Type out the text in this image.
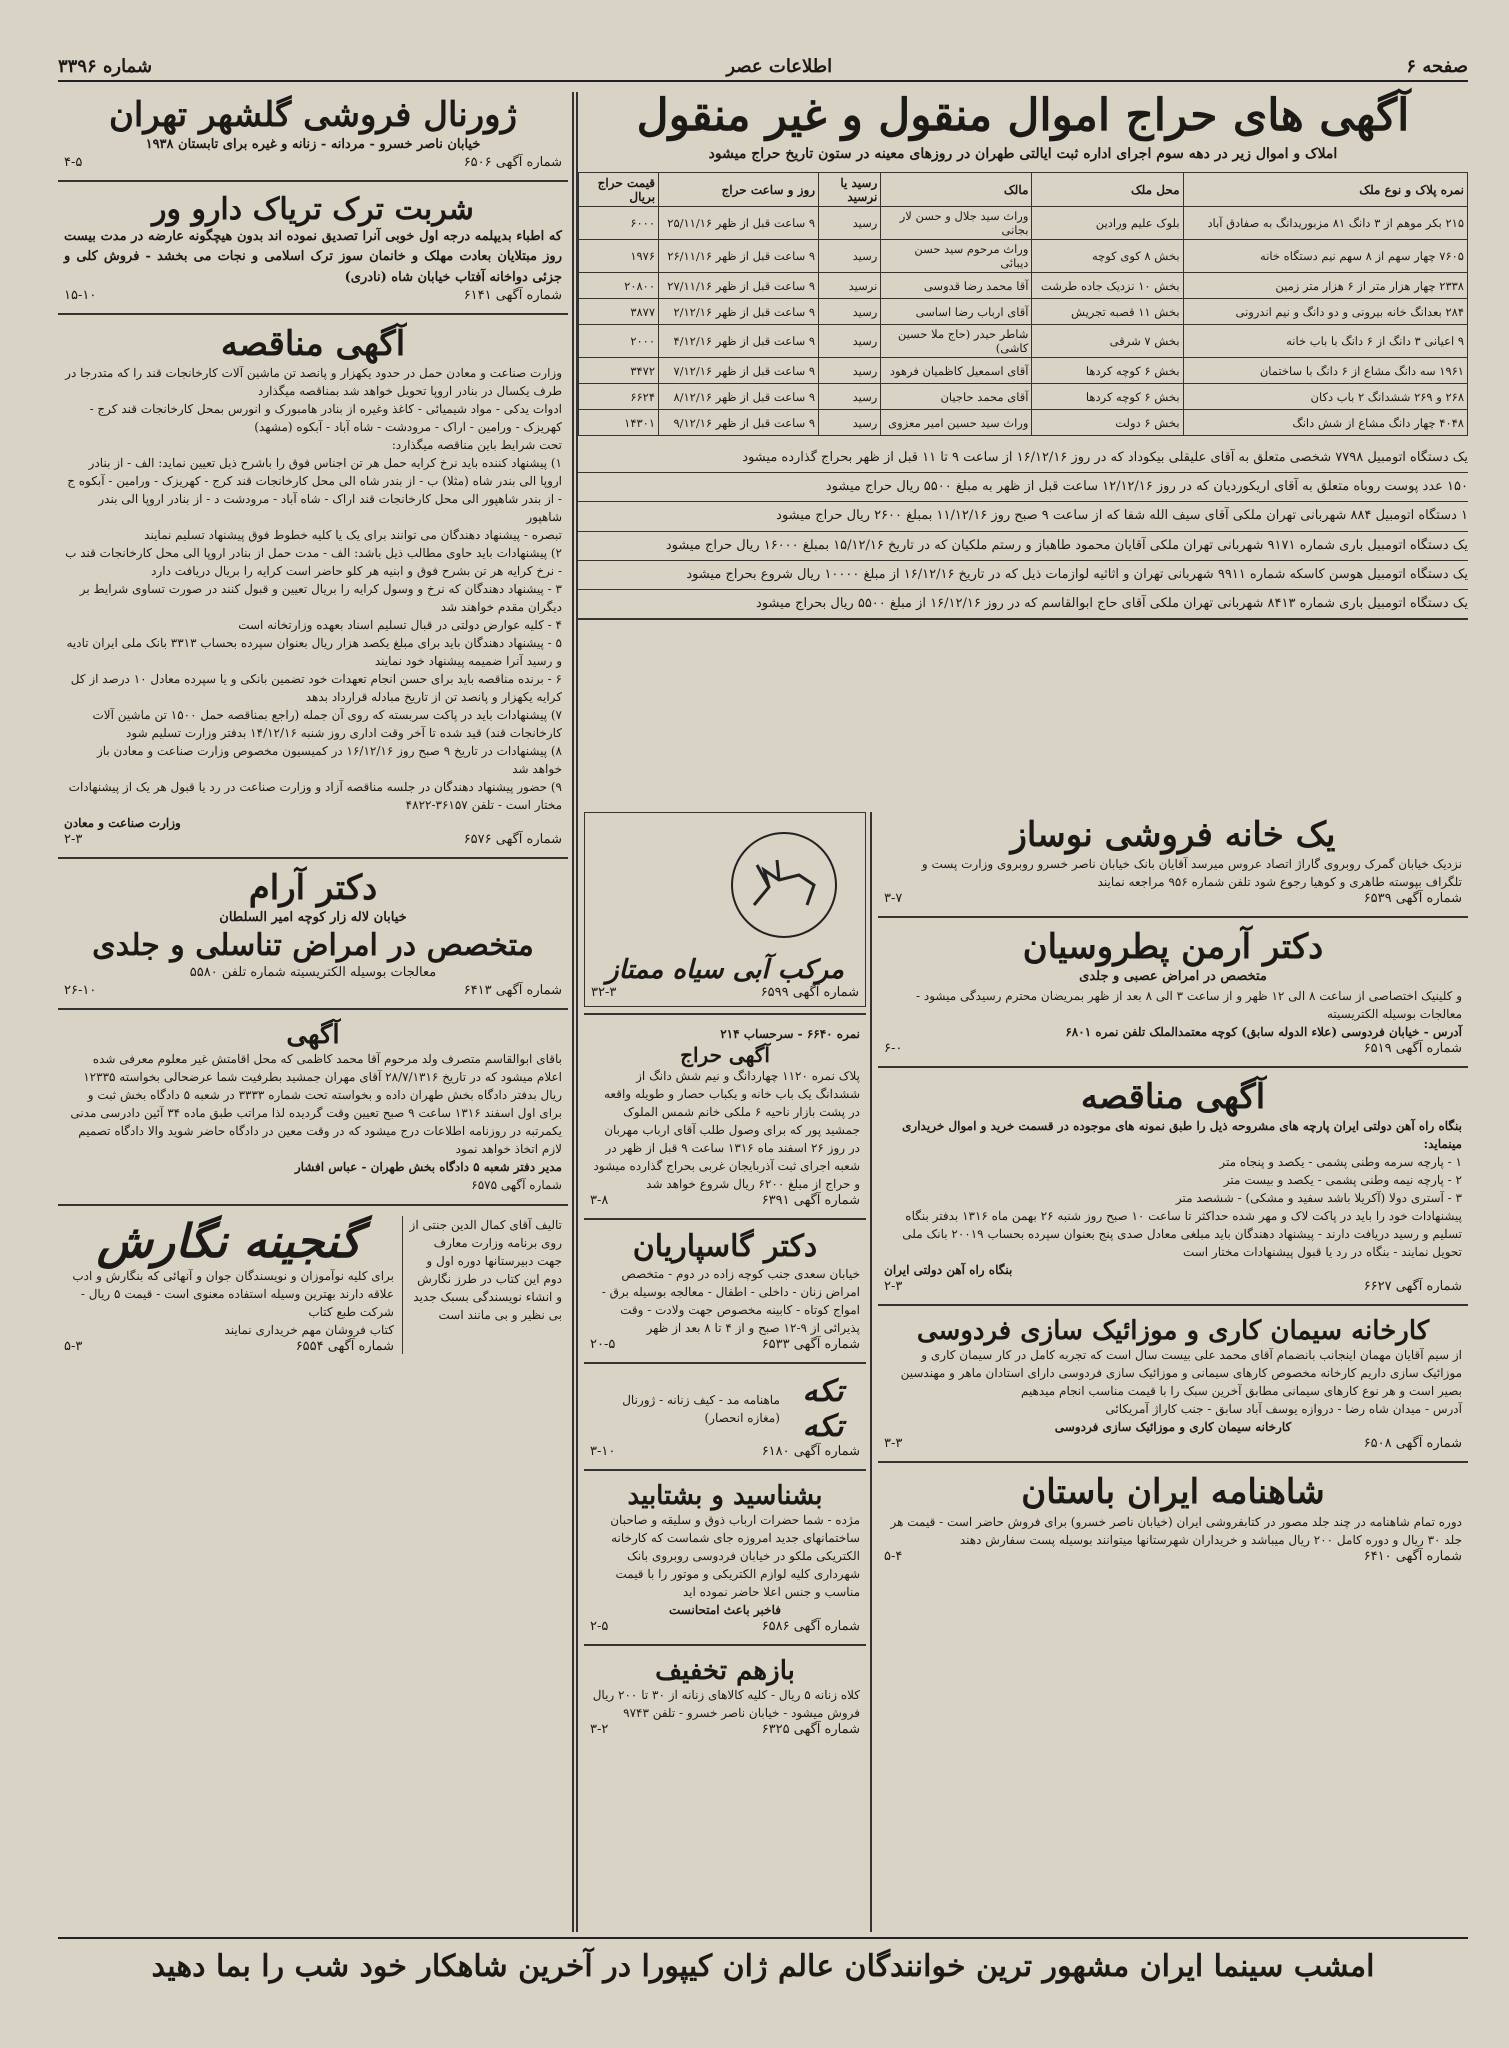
صفحه ۶
اطلاعات عصر
شماره ۳۳۹۶
آگهی های حراج اموال منقول و غیر منقول
املاک و اموال زیر در دهه سوم اجرای اداره ثبت ایالتی طهران در روزهای معینه در ستون تاریخ حراج میشود
نمره پلاک و نوع ملک	محل ملک	مالک	رسید یا نرسید	روز و ساعت حراج	قیمت حراج بریال
۲۱۵ بکر موهم از ۳ دانگ ۸۱ مزبوریدانگ به صفادق آباد	بلوک علیم ورادین	وراث سید جلال و حسن لار بجانی	رسید	۹ ساعت قبل از ظهر ۲۵/۱۱/۱۶	۶۰۰۰
۷۶۰۵ چهار سهم از ۸ سهم نیم دستگاه خانه	بخش ۸ کوی کوچه	وراث مرحوم سید حسن دیبائی	رسید	۹ ساعت قبل از ظهر ۲۶/۱۱/۱۶	۱۹۷۶
۲۳۳۸ چهار هزار متر از ۶ هزار متر زمین	بخش ۱۰ نزدیک جاده طرشت	آقا محمد رضا قدوسی	نرسید	۹ ساعت قبل از ظهر ۲۷/۱۱/۱۶	۲۰۸۰۰
۲۸۴ بعدانگ خانه بیرونی و دو دانگ و نیم اندرونی	بخش ۱۱ قصبه تجریش	آقای ارباب رضا اساسی	رسید	۹ ساعت قبل از ظهر ۲/۱۲/۱۶	۳۸۷۷
۹ اعیانی ۳ دانگ از ۶ دانگ با باب خانه	بخش ۷ شرقی	شاطر حیدر (حاج ملا حسین کاشی)	رسید	۹ ساعت قبل از ظهر ۴/۱۲/۱۶	۲۰۰۰
۱۹۶۱ سه دانگ مشاع از ۶ دانگ با ساختمان	بخش ۶ کوچه کردها	آقای اسمعیل کاظمیان فرهود	رسید	۹ ساعت قبل از ظهر ۷/۱۲/۱۶	۳۴۷۲
۲۶۸ و ۲۶۹ ششدانگ ۲ باب دکان	بخش ۶ کوچه کردها	آقای محمد حاجیان	رسید	۹ ساعت قبل از ظهر ۸/۱۲/۱۶	۶۶۲۴
۴۰۴۸ چهار دانگ مشاع از شش دانگ	بخش ۶ دولت	وراث سید حسین امیر معزوی	رسید	۹ ساعت قبل از ظهر ۹/۱۲/۱۶	۱۴۳۰۱
یک دستگاه اتومبیل ۷۷۹۸ شخصی متعلق به آقای علیقلی بیکوداد که در روز ۱۶/۱۲/۱۶ از ساعت ۹ تا ۱۱ قبل از ظهر بحراج گذارده میشود
۱۵۰ عدد پوست روباه متعلق به آقای اریکوردیان که در روز ۱۲/۱۲/۱۶ ساعت قبل از ظهر به مبلغ ۵۵۰۰ ریال حراج میشود
۱ دستگاه اتومبیل ۸۸۴ شهربانی تهران ملکی آقای سیف الله شفا که از ساعت ۹ صبح روز ۱۱/۱۲/۱۶ بمبلغ ۲۶۰۰ ریال حراج میشود
یک دستگاه اتومبیل باری شماره ۹۱۷۱ شهربانی تهران ملکی آقایان محمود طاهباز و رستم ملکیان که در تاریخ ۱۵/۱۲/۱۶ بمبلغ ۱۶۰۰۰ ریال حراج میشود
یک دستگاه اتومبیل هوسن کاسکه شماره ۹۹۱۱ شهربانی تهران و اثاثیه لوازمات ذیل که در تاریخ ۱۶/۱۲/۱۶ از مبلغ ۱۰۰۰۰ ریال شروع بحراج میشود
یک دستگاه اتومبیل باری شماره ۸۴۱۳ شهربانی تهران ملکی آقای حاج ابوالقاسم که در روز ۱۶/۱۲/۱۶ از مبلغ ۵۵۰۰ ریال بحراج میشود
ژورنال فروشی گلشهر تهران
خیابان ناصر خسرو - مردانه - زنانه و غیره برای تابستان ۱۹۳۸
شماره آگهی ۶۵۰۶
۴-۵
شربت ترک تریاک دارو ور
که اطباء بدیپلمه درجه اول خوبی آنرا تصدیق نموده اند بدون هیچگونه عارضه در مدت بیست روز مبتلایان بعادت مهلک و خانمان سوز ترک اسلامی و نجات می بخشد - فروش کلی و جزئی دواخانه آفتاب خیابان شاه (نادری)
شماره آگهی ۶۱۴۱
۱۵-۱۰
آگهی مناقصه
وزارت صناعت و معادن حمل در حدود یکهزار و پانصد تن ماشین آلات کارخانجات قند را که متدرجا در طرف یکسال در بنادر اروپا تحویل خواهد شد بمناقصه میگذارد
ادوات یدکی - مواد شیمیائی - کاغذ وغیره از بنادر هامبورک و انورس بمحل کارخانجات قند کرج - کهریزک - ورامین - اراک - مرودشت - شاه آباد - آبکوه (مشهد)
تحت شرایط باین مناقصه میگذارد:
۱) پیشنهاد کننده باید نرخ کرایه حمل هر تن اجناس فوق را باشرح ذیل تعیین نماید: الف - از بنادر اروپا الی بندر شاه (مثلا) ب - از بندر شاه الی محل کارخانجات قند کرج - کهریزک - ورامین - آبکوه ج - از بندر شاهپور الی محل کارخانجات قند اراک - شاه آباد - مرودشت د - از بنادر اروپا الی بندر شاهپور
تبصره - پیشنهاد دهندگان می توانند برای یک یا کلیه خطوط فوق پیشنهاد تسلیم نمایند
۲) پیشنهادات باید حاوی مطالب ذیل باشد: الف - مدت حمل از بنادر اروپا الی محل کارخانجات قند ب - نرخ کرایه هر تن بشرح فوق و ابنیه هر کلو حاضر است کرایه را بریال دریافت دارد
۳ - پیشنهاد دهندگان که نرخ و وسول کرایه را بریال تعیین و قبول کنند در صورت تساوی شرایط بر دیگران مقدم خواهند شد
۴ - کلیه عوارض دولتی در قبال تسلیم اسناد بعهده وزارتخانه است
۵ - پیشنهاد دهندگان باید برای مبلغ یکصد هزار ریال بعنوان سپرده بحساب ۳۳۱۳ بانک ملی ایران تادیه و رسید آنرا ضمیمه پیشنهاد خود نمایند
۶ - برنده مناقصه باید برای حسن انجام تعهدات خود تضمین بانکی و یا سپرده معادل ۱۰ درصد از کل کرایه یکهزار و پانصد تن از تاریخ مبادله قرارداد بدهد
۷) پیشنهادات باید در پاکت سربسته که روی آن جمله (راجع بمناقصه حمل ۱۵۰۰ تن ماشین آلات کارخانجات قند) قید شده تا آخر وقت اداری روز شنبه ۱۴/۱۲/۱۶ بدفتر وزارت تسلیم شود
۸) پیشنهادات در تاریخ ۹ صبح روز ۱۶/۱۲/۱۶ در کمیسیون مخصوص وزارت صناعت و معادن باز خواهد شد
۹) حضور پیشنهاد دهندگان در جلسه مناقصه آزاد و وزارت صناعت در رد یا قبول هر یک از پیشنهادات مختار است - تلفن ۳۶۱۵۷-۴۸۲۲
وزارت صناعت و معادن
شماره آگهی ۶۵۷۶
۲-۳
دکتر آرام
خیابان لاله زار کوچه امیر السلطان
متخصص در امراض تناسلی و جلدی
معالجات بوسیله الکتریسیته شماره تلفن ۵۵۸۰
شماره آگهی ۶۴۱۳
۲۶-۱۰
آگهی
باقای ابوالقاسم متصرف ولد مرحوم آقا محمد کاظمی که محل اقامتش غیر معلوم معرفی شده اعلام میشود که در تاریخ ۲۸/۷/۱۳۱۶ آقای مهران جمشید بطرفیت شما عرضحالی بخواسته ۱۲۳۳۵ ریال بدفتر دادگاه بخش طهران داده و بخواسته تحت شماره ۳۳۳۳ در شعبه ۵ دادگاه بخش ثبت و برای اول اسفند ۱۳۱۶ ساعت ۹ صبح تعیین وقت گردیده لذا مراتب طبق ماده ۳۴ آئین دادرسی مدنی یکمرتبه در روزنامه اطلاعات درج میشود که در وقت معین در دادگاه حاضر شوید والا دادگاه تصمیم لازم اتخاذ خواهد نمود
مدیر دفتر شعبه ۵ دادگاه بخش طهران - عباس افشار
شماره آگهی ۶۵۷۵
تالیف آقای کمال الدین جنتی از روی برنامه وزارت معارف جهت دبیرستانها دوره اول و دوم این کتاب در طرز نگارش و انشاء نویسندگی بسبک جدید بی نظیر و بی مانند است
گنجینه نگارش
برای کلیه نوآموزان و نویسندگان جوان و آنهائی که بنگارش و ادب علاقه دارند بهترین وسیله استفاده معنوی است - قیمت ۵ ریال - شرکت طبع کتاب
کتاب فروشان مهم خریداری نمایند
شماره آگهی ۶۵۵۴
۵-۳
مرکب آبی سیاه ممتاز
شماره آگهی ۶۵۹۹
۳۲-۳
نمره ۶۶۴۰ - سرحساب ۲۱۴
آگهی حراج
پلاک نمره ۱۱۲۰ چهاردانگ و نیم شش دانگ از ششدانگ یک باب خانه و یکباب حصار و طویله واقعه در پشت بازار ناحیه ۶ ملکی خانم شمس الملوک جمشید پور که برای وصول طلب آقای ارباب مهربان در روز ۲۶ اسفند ماه ۱۳۱۶ ساعت ۹ قبل از ظهر در شعبه اجرای ثبت آذربایجان غربی بحراج گذارده میشود و حراج از مبلغ ۶۲۰۰ ریال شروع خواهد شد
شماره آگهی ۶۳۹۱
۳-۸
دکتر گاسپاریان
خیابان سعدی جنب کوچه زاده در دوم - متخصص امراض زنان - داخلی - اطفال - معالجه بوسیله برق - امواج کوتاه - کابینه مخصوص جهت ولادت - وقت پذیرائی از ۹-۱۲ صبح و از ۴ تا ۸ بعد از ظهر
شماره آگهی ۶۵۳۳
۲۰-۵
تکه تکه
ماهنامه مد - کیف زنانه - ژورنال (مغازه انحصار)
شماره آگهی ۶۱۸۰
۳-۱۰
بشناسید و بشتابید
مژده - شما حضرات ارباب ذوق و سلیقه و صاحبان ساختمانهای جدید امروزه جای شماست که کارخانه الکتریکی ملکو در خیابان فردوسی روبروی بانک شهرداری کلیه لوازم الکتریکی و موتور را با قیمت مناسب و جنس اعلا حاضر نموده اید
فاخبر باعث امتحانست
شماره آگهی ۶۵۸۶
۲-۵
بازهم تخفیف
کلاه زنانه ۵ ریال - کلیه کالاهای زنانه از ۳۰ تا ۲۰۰ ریال فروش میشود - خیابان ناصر خسرو - تلفن ۹۷۴۳
شماره آگهی ۶۳۲۵
۳-۲
یک خانه فروشی نوساز
نزدیک خیابان گمرک روبروی گاراژ اتصاد عروس میرسد آقایان بانک خیابان ناصر خسرو روبروی وزارت پست و تلگراف بپوسته طاهری و کوهیا رجوع شود تلفن شماره ۹۵۶ مراجعه نمایند
شماره آگهی ۶۵۳۹
۳-۷
دکتر آرمن پطروسیان
متخصص در امراض عصبی و جلدی
و کلینیک اختصاصی از ساعت ۸ الی ۱۲ ظهر و از ساعت ۳ الی ۸ بعد از ظهر بمریضان محترم رسیدگی میشود - معالجات بوسیله الکتریسیته
آدرس - خیابان فردوسی (علاء الدوله سابق) کوچه معتمدالملک تلفن نمره ۶۸۰۱
شماره آگهی ۶۵۱۹
۶-۰
آگهی مناقصه
بنگاه راه آهن دولتی ایران پارچه های مشروحه ذیل را طبق نمونه های موجوده در قسمت خرید و اموال خریداری مینماید:
۱ - پارچه سرمه وطنی پشمی - یکصد و پنجاه متر
۲ - پارچه نیمه وطنی پشمی - یکصد و بیست متر
۳ - آستری دولا (آکریلا باشد سفید و مشکی) - ششصد متر
پیشنهادات خود را باید در پاکت لاک و مهر شده حداکثر تا ساعت ۱۰ صبح روز شنبه ۲۶ بهمن ماه ۱۳۱۶ بدفتر بنگاه تسلیم و رسید دریافت دارند - پیشنهاد دهندگان باید مبلغی معادل صدی پنج بعنوان سپرده بحساب ۲۰۰۱۹ بانک ملی تحویل نمایند - بنگاه در رد یا قبول پیشنهادات مختار است
بنگاه راه آهن دولتی ایران
شماره آگهی ۶۶۲۷
۲-۳
کارخانه سیمان کاری و موزائیک سازی فردوسی
از سیم آقایان مهمان اینجانب بانضمام آقای محمد علی بیست سال است که تجربه کامل در کار سیمان کاری و موزائیک سازی داریم کارخانه مخصوص کارهای سیمانی و موزائیک سازی فردوسی دارای استادان ماهر و مهندسین بصیر است و هر نوع کارهای سیمانی مطابق آخرین سبک را با قیمت مناسب انجام میدهیم
آدرس - میدان شاه رضا - دروازه یوسف آباد سابق - جنب کاراژ آمریکائی
کارخانه سیمان کاری و موزائیک سازی فردوسی
شماره آگهی ۶۵۰۸
۳-۳
شاهنامه ایران باستان
دوره تمام شاهنامه در چند جلد مصور در کتابفروشی ایران (خیابان ناصر خسرو) برای فروش حاضر است - قیمت هر جلد ۳۰ ریال و دوره کامل ۲۰۰ ریال میباشد و خریداران شهرستانها میتوانند بوسیله پست سفارش دهند
شماره آگهی ۶۴۱۰
۵-۴
امشب سینما ایران مشهور ترین خوانندگان عالم ژان کیپورا در آخرین شاهکار خود شب را بما دهید
